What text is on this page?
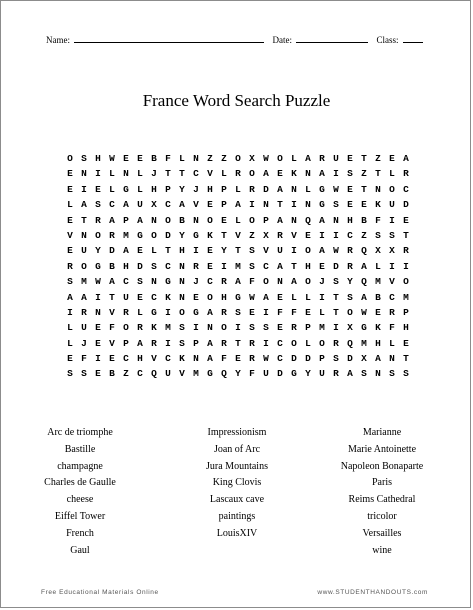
Name:	Date:	Class:
France Word Search Puzzle
O S H W E E B F L N Z Z O X W O L A R U E T Z E A
E N I L N L J T T C V L R O A E K N A I S Z T L R
E I E L G L H P Y J H P L R D A N L G W E T N O C
L A S C A U X C A V E P A I N T I N G S E E K U D
E T R A P A N O B N O E L O P A N Q A N H B F I E
V N O R M G O D Y G K T V Z X R V E I I C Z S S T
E U Y D A E L T H I E Y T S V U I O A W R Q X X R
R O G B H D S C N R E I M S C A T H E D R A L I I
S M W A C S N G N J C R A F O N A O J S Y Q M V O
A A I T U E C K N E O H G W A E L L I T S A B C M
I R N V R L G I O G A R S E I F F E L T O W E R P
L U E F O R K M S I N O I S S E R P M I X G K F H
L J E V P A R I S P A R T R I C O L O R Q M H L E
E F I E C H V C K N A F E R W C D D P S D X A N T
S S E B Z C Q U V M G Q Y F U D G Y U R A S N S S
Arc de triomphe
Bastille
champagne
Charles de Gaulle
cheese
Eiffel Tower
French
Gaul
Impressionism
Joan of Arc
Jura Mountains
King Clovis
Lascaux cave
paintings
LouisXIV
Marianne
Marie Antoinette
Napoleon Bonaparte
Paris
Reims Cathedral
tricolor
Versailles
wine
Free Educational Materials Online	www.STUDENTHANDOUTS.com
